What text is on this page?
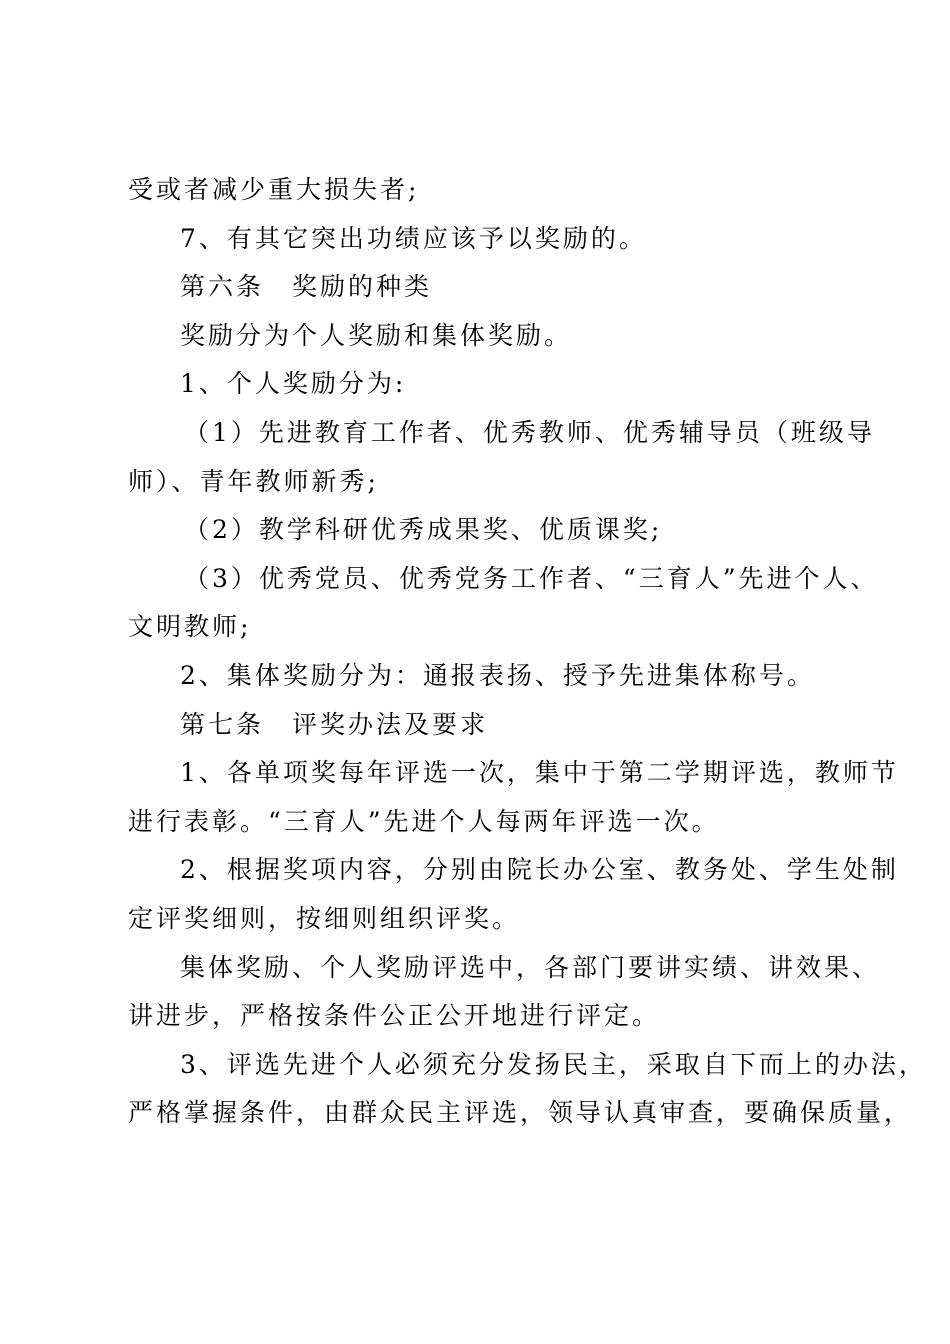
受或者减少重大损失者;
7、有其它突出功绩应该予以奖励的。
第六条　奖励的种类
奖励分为个人奖励和集体奖励。
1、个人奖励分为:
（1）先进教育工作者、优秀教师、优秀辅导员（班级导
师）、青年教师新秀;
（2）教学科研优秀成果奖、优质课奖;
（3）优秀党员、优秀党务工作者、“三育人”先进个人、
文明教师;
2、集体奖励分为：通报表扬、授予先进集体称号。
第七条　评奖办法及要求
1、各单项奖每年评选一次，集中于第二学期评选，教师节
进行表彰。“三育人”先进个人每两年评选一次。
2、根据奖项内容，分别由院长办公室、教务处、学生处制
定评奖细则，按细则组织评奖。
集体奖励、个人奖励评选中，各部门要讲实绩、讲效果、
讲进步，严格按条件公正公开地进行评定。
3、评选先进个人必须充分发扬民主，采取自下而上的办法，
严格掌握条件，由群众民主评选，领导认真审查，要确保质量，
